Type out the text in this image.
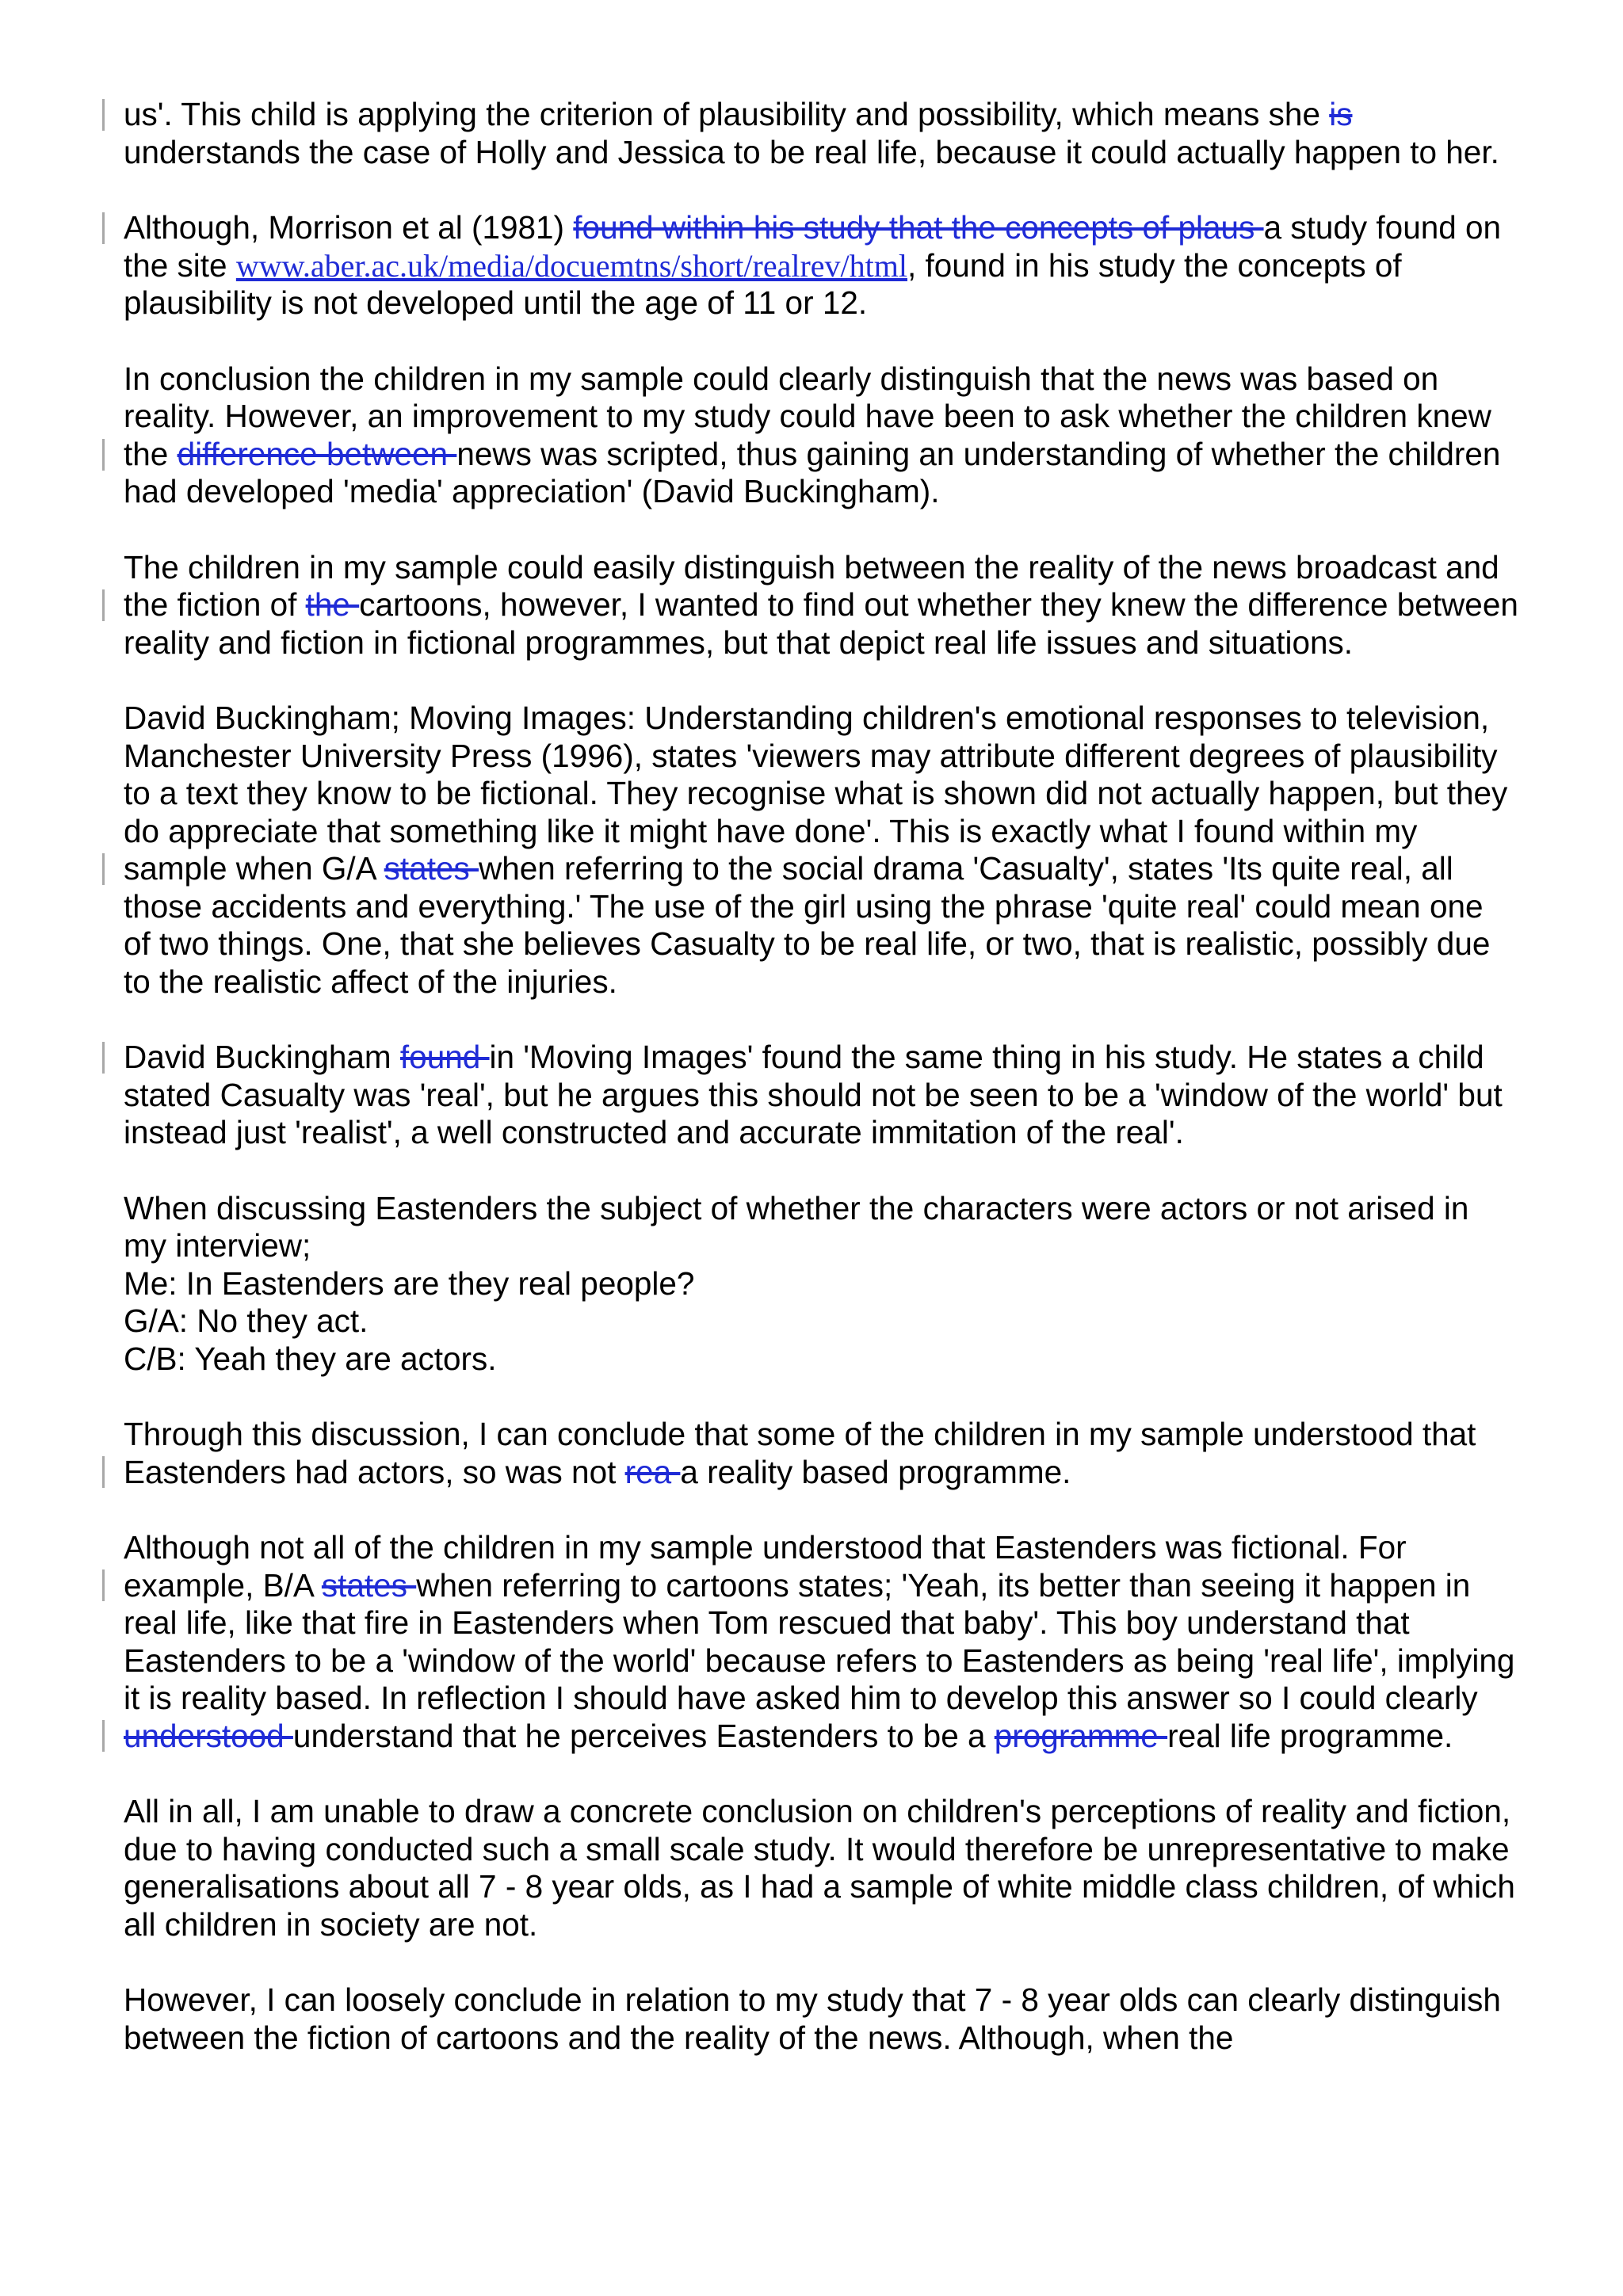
us'. This child is applying the criterion of plausibility and possibility, which means she is understands the case of Holly and Jessica to be real life, because it could actually happen to her.
Although, Morrison et al (1981) found within his study that the concepts of plaus a study found on the site www.aber.ac.uk/media/docuemtns/short/realrev/html, found in his study the concepts of plausibility is not developed until the age of 11 or 12.
In conclusion the children in my sample could clearly distinguish that the news was based on reality. However, an improvement to my study could have been to ask whether the children knew the difference between news was scripted, thus gaining an understanding of whether the children had developed 'media' appreciation' (David Buckingham).
The children in my sample could easily distinguish between the reality of the news broadcast and the fiction of the cartoons, however, I wanted to find out whether they knew the difference between reality and fiction in fictional programmes, but that depict real life issues and situations.
David Buckingham; Moving Images: Understanding children's emotional responses to television, Manchester University Press (1996), states 'viewers may attribute different degrees of plausibility to a text they know to be fictional. They recognise what is shown did not actually happen, but they do appreciate that something like it might have done'. This is exactly what I found within my sample when G/A states when referring to the social drama 'Casualty', states 'Its quite real, all those accidents and everything.' The use of the girl using the phrase 'quite real' could mean one of two things. One, that she believes Casualty to be real life, or two, that is realistic, possibly due to the realistic affect of the injuries.
David Buckingham found in 'Moving Images' found the same thing in his study. He states a child stated Casualty was 'real', but he argues this should not be seen to be a 'window of the world' but instead just 'realist', a well constructed and accurate immitation of the real'.
When discussing Eastenders the subject of whether the characters were actors or not arised in my interview;
Me: In Eastenders are they real people?
G/A: No they act.
C/B: Yeah they are actors.
Through this discussion, I can conclude that some of the children in my sample understood that Eastenders had actors, so was not rea a reality based programme.
Although not all of the children in my sample understood that Eastenders was fictional. For example, B/A states when referring to cartoons states; 'Yeah, its better than seeing it happen in real life, like that fire in Eastenders when Tom rescued that baby'. This boy understand that Eastenders to be a 'window of the world' because refers to Eastenders as being 'real life', implying it is reality based. In reflection I should have asked him to develop this answer so I could clearly understood understand that he perceives Eastenders to be a programme real life programme.
All in all, I am unable to draw a concrete conclusion on children's perceptions of reality and fiction, due to having conducted such a small scale study. It would therefore be unrepresentative to make generalisations about all 7 - 8 year olds, as I had a sample of white middle class children, of which all children in society are not.
However, I can loosely conclude in relation to my study that 7 - 8 year olds can clearly distinguish between the fiction of cartoons and the reality of the news. Although, when the
